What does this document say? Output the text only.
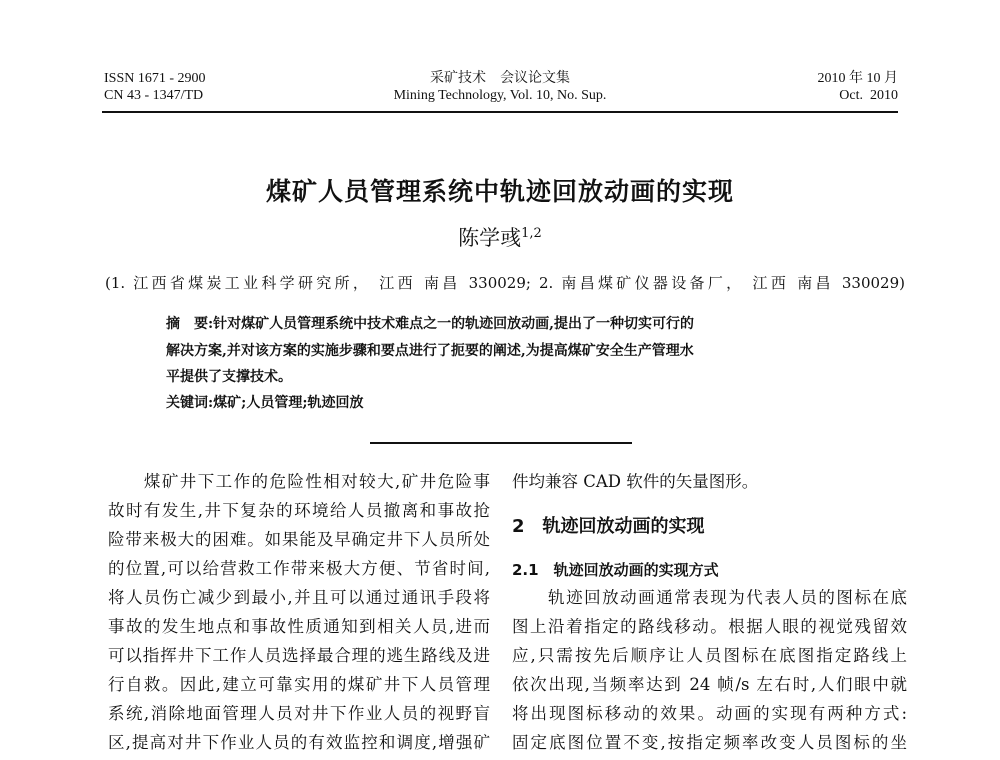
ISSN 1671 - 2900
CN 43 - 1347/TD
采矿技术    会议论文集
Mining Technology, Vol. 10, No. Sup.
2010 年 10 月
Oct.  2010
煤矿人员管理系统中轨迹回放动画的实现
陈学彧$^{1,2}$
(1. 江西省煤炭工业科学研究所， 江西 南昌 330029; 2. 南昌煤矿仪器设备厂， 江西 南昌 330029)
摘　要:针对煤矿人员管理系统中技术难点之一的轨迹回放动画,提出了一种切实可行的
解决方案,并对该方案的实施步骤和要点进行了扼要的阐述,为提高煤矿安全生产管理水
平提供了支撑技术。
关键词:煤矿;人员管理;轨迹回放
　　煤矿井下工作的危险性相对较大,矿井危险事
故时有发生,井下复杂的环境给人员撤离和事故抢
险带来极大的困难。如果能及早确定井下人员所处
的位置,可以给营救工作带来极大方便、节省时间,
将人员伤亡减少到最小,并且可以通过通讯手段将
事故的发生地点和事故性质通知到相关人员,进而
可以指挥井下工作人员选择最合理的逃生路线及进
行自救。因此,建立可靠实用的煤矿井下人员管理
系统,消除地面管理人员对井下作业人员的视野盲
区,提高对井下作业人员的有效监控和调度,增强矿
件均兼容 CAD 软件的矢量图形。
2　轨迹回放动画的实现
2.1　轨迹回放动画的实现方式
　　轨迹回放动画通常表现为代表人员的图标在底
图上沿着指定的路线移动。根据人眼的视觉残留效
应,只需按先后顺序让人员图标在底图指定路线上
依次出现,当频率达到 24 帧/s 左右时,人们眼中就
将出现图标移动的效果。动画的实现有两种方式:
固定底图位置不变,按指定频率改变人员图标的坐
